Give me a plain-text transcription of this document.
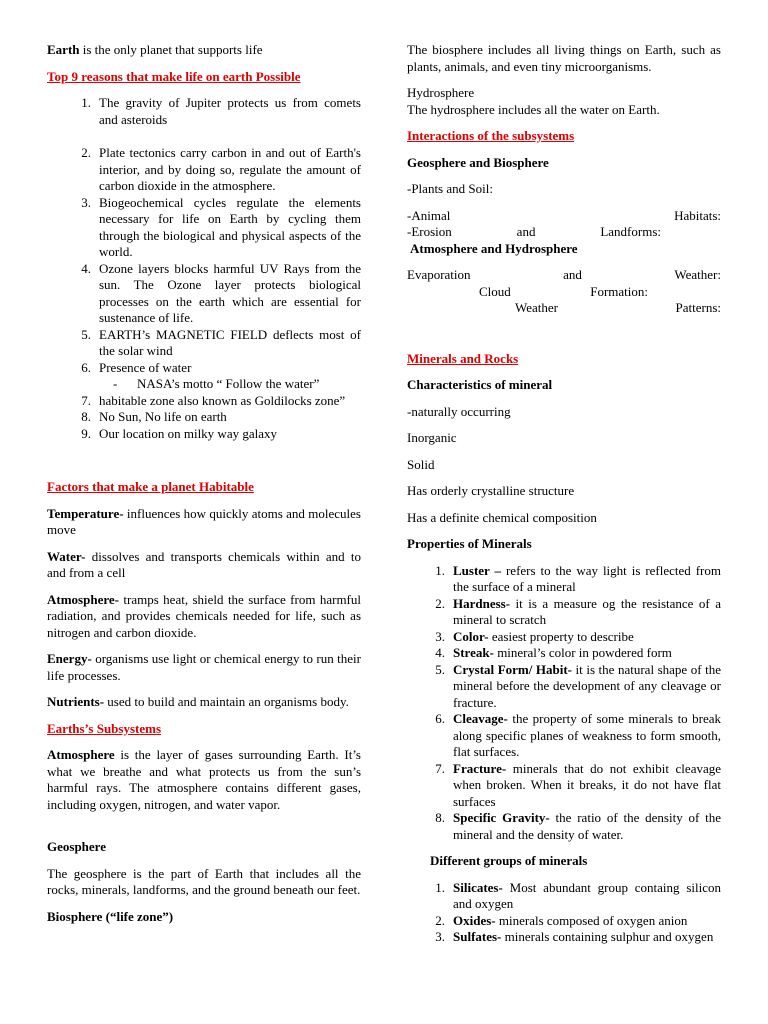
Earth is the only planet that supports life

Top 9 reasons that make life on earth Possible

1. The gravity of Jupiter protects us from comets and asteroids
2. Plate tectonics carry carbon in and out of Earth's interior, and by doing so, regulate the amount of carbon dioxide in the atmosphere.
3. Biogeochemical cycles regulate the elements necessary for life on Earth by cycling them through the biological and physical aspects of the world.
4. Ozone layers blocks harmful UV Rays from the sun. The Ozone layer protects biological processes on the earth which are essential for sustenance of life.
5. EARTH’s MAGNETIC FIELD deflects most of the solar wind
6. Presence of water
-	NASA’s motto “ Follow the water”
7. habitable zone also known as Goldilocks zone”
8. No Sun, No life on earth
9. Our location on milky way galaxy

Factors that make a planet Habitable

Temperature- influences how quickly atoms and molecules move

Water- dissolves and transports chemicals within and to and from a cell

Atmosphere- tramps heat, shield the surface from harmful radiation, and provides chemicals needed for life, such as nitrogen and carbon dioxide.

Energy- organisms use light or chemical energy to run their life processes.

Nutrients- used to build and maintain an organisms body.

Earths’s Subsystems

Atmosphere is the layer of gases surrounding Earth. It’s what we breathe and what protects us from the sun’s harmful rays. The atmosphere contains different gases, including oxygen, nitrogen, and water vapor.

Geosphere

The geosphere is the part of Earth that includes all the rocks, minerals, landforms, and the ground beneath our feet.

Biosphere (“life zone”)

The biosphere includes all living things on Earth, such as plants, animals, and even tiny microorganisms.

Hydrosphere
The hydrosphere includes all the water on Earth.

Interactions of the subsystems

Geosphere and Biosphere

-Plants and Soil:

-Animal	Habitats:
-Erosion	and	Landforms:

Atmosphere and Hydrosphere

Evaporation	and	Weather:
Cloud	Formation:
Weather	Patterns:

Minerals and Rocks

Characteristics of mineral

-naturally occurring

Inorganic

Solid

Has orderly crystalline structure

Has a definite chemical composition

Properties of Minerals

1. Luster – refers to the way light is reflected from the surface of a mineral
2. Hardness- it is a measure og the resistance of a mineral to scratch
3. Color- easiest property to describe
4. Streak- mineral’s color in powdered form
5. Crystal Form/ Habit- it is the natural shape of the mineral before the development of any cleavage or fracture.
6. Cleavage- the property of some minerals to break along specific planes of weakness to form smooth, flat surfaces.
7. Fracture- minerals that do not exhibit cleavage when broken. When it breaks, it do not have flat surfaces
8. Specific Gravity- the ratio of the density of the mineral and the density of water.

Different groups of minerals

1. Silicates- Most abundant group containg silicon and oxygen
2. Oxides- minerals composed of oxygen anion
3. Sulfates- minerals containing sulphur and oxygen
